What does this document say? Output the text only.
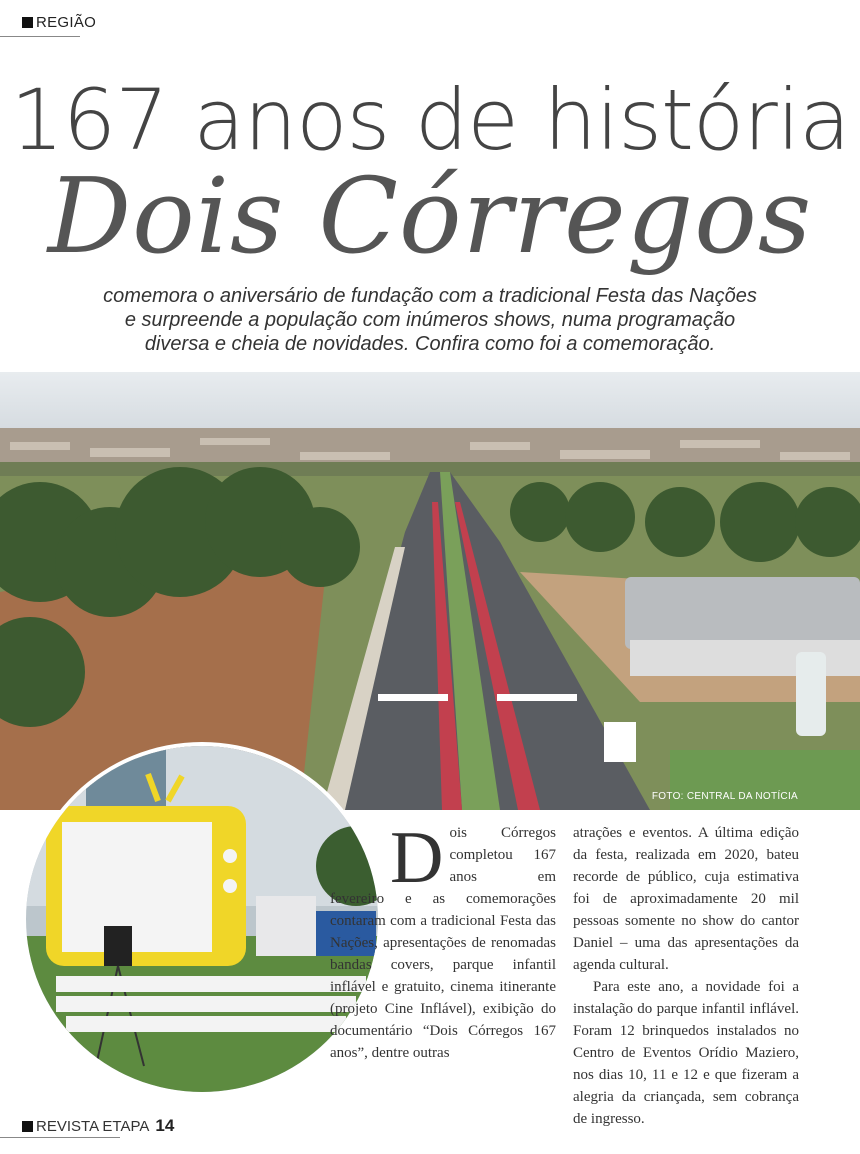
REGIÃO
167 anos de história
Dois Córregos
comemora o aniversário de fundação com a tradicional Festa das Nações
e surpreende a população com inúmeros shows, numa programação
diversa e cheia de novidades. Confira como foi a comemoração.
FOTO: CENTRAL DA NOTÍCIA
D ois Córregos completou 167 anos em fevereiro e as comemorações contaram com a tradicional Festa das Nações, apresentações de renomadas bandas covers, parque infantil inflável e gratuito, cinema itinerante (projeto Cine Inflável), exibição do documentário “Dois Córregos 167 anos”, dentre outras

atrações e eventos. A última edição da festa, realizada em 2020, bateu recorde de público, cuja estimativa foi de aproximadamente 20 mil pessoas somente no show do cantor Daniel – uma das apresentações da agenda cultural.

Para este ano, a novidade foi a instalação do parque infantil inflável. Foram 12 brinquedos instalados no Centro de Eventos Orídio Maziero, nos dias 10, 11 e 12 e que fizeram a alegria da criançada, sem cobrança de ingresso.

REVISTA ETAPA 14
